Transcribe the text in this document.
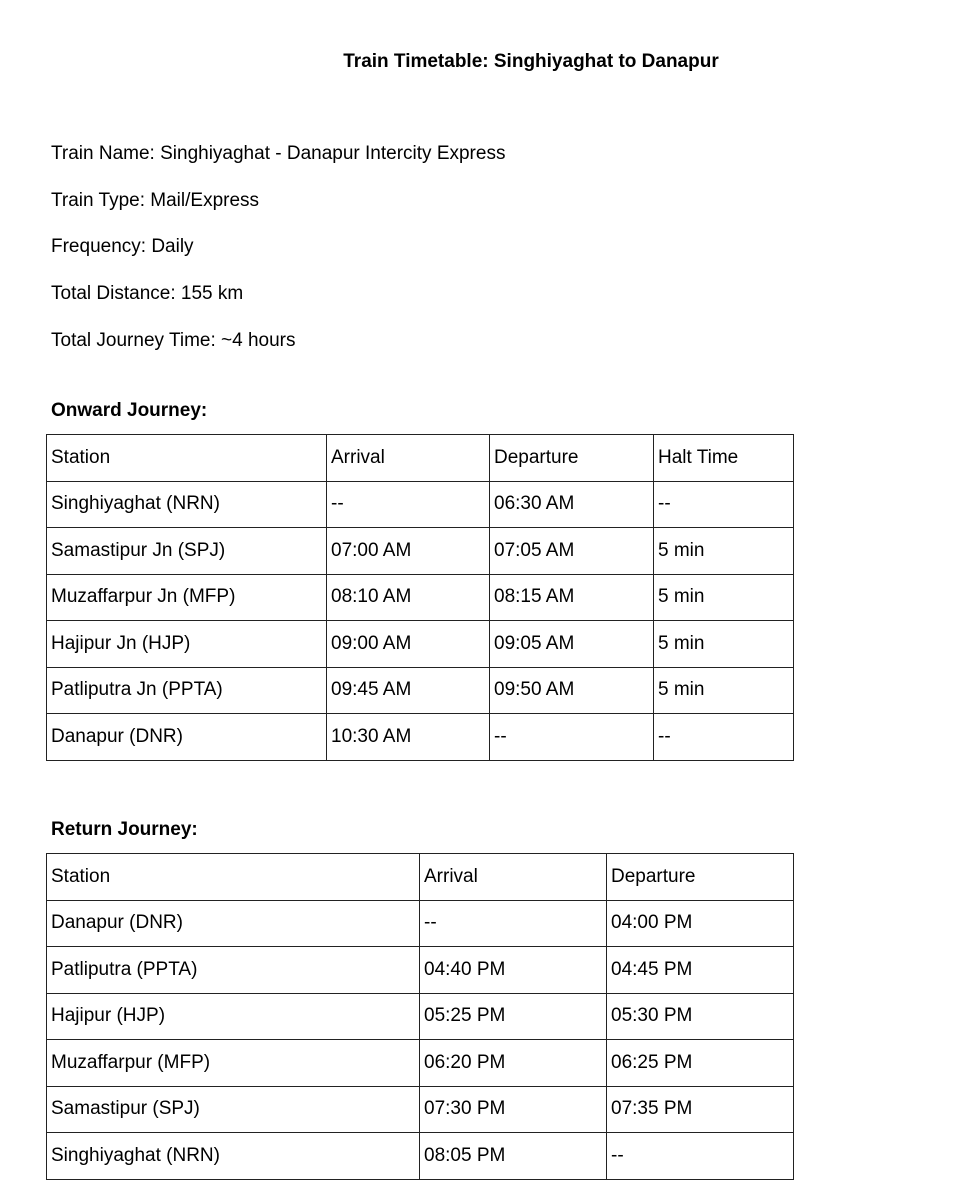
Train Timetable: Singhiyaghat to Danapur
Train Name: Singhiyaghat - Danapur Intercity Express
Train Type: Mail/Express
Frequency: Daily
Total Distance: 155 km
Total Journey Time: ~4 hours
Onward Journey:
Station	Arrival	Departure	Halt Time
Singhiyaghat (NRN)	--	06:30 AM	--
Samastipur Jn (SPJ)	07:00 AM	07:05 AM	5 min
Muzaffarpur Jn (MFP)	08:10 AM	08:15 AM	5 min
Hajipur Jn (HJP)	09:00 AM	09:05 AM	5 min
Patliputra Jn (PPTA)	09:45 AM	09:50 AM	5 min
Danapur (DNR)	10:30 AM	--	--
Return Journey:
Station	Arrival	Departure
Danapur (DNR)	--	04:00 PM
Patliputra (PPTA)	04:40 PM	04:45 PM
Hajipur (HJP)	05:25 PM	05:30 PM
Muzaffarpur (MFP)	06:20 PM	06:25 PM
Samastipur (SPJ)	07:30 PM	07:35 PM
Singhiyaghat (NRN)	08:05 PM	--
